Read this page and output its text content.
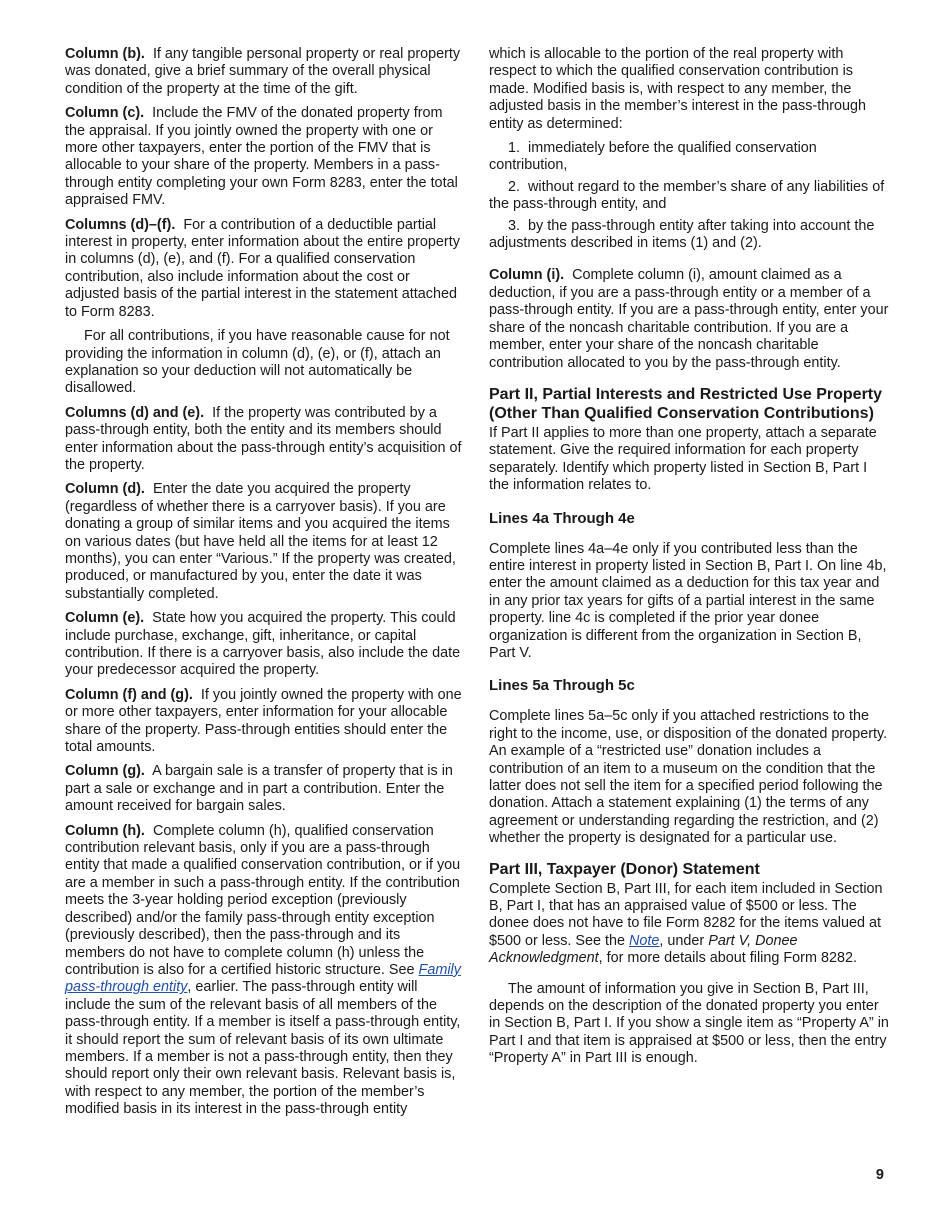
Column (b). If any tangible personal property or real property was donated, give a brief summary of the overall physical condition of the property at the time of the gift.

Column (c). Include the FMV of the donated property from the appraisal. If you jointly owned the property with one or more other taxpayers, enter the portion of the FMV that is allocable to your share of the property. Members in a pass-through entity completing your own Form 8283, enter the total appraised FMV.

Columns (d)–(f). For a contribution of a deductible partial interest in property, enter information about the entire property in columns (d), (e), and (f). For a qualified conservation contribution, also include information about the cost or adjusted basis of the partial interest in the statement attached to Form 8283.

For all contributions, if you have reasonable cause for not providing the information in column (d), (e), or (f), attach an explanation so your deduction will not automatically be disallowed.

Columns (d) and (e). If the property was contributed by a pass-through entity, both the entity and its members should enter information about the pass-through entity’s acquisition of the property.

Column (d). Enter the date you acquired the property (regardless of whether there is a carryover basis). If you are donating a group of similar items and you acquired the items on various dates (but have held all the items for at least 12 months), you can enter “Various.” If the property was created, produced, or manufactured by you, enter the date it was substantially completed.

Column (e). State how you acquired the property. This could include purchase, exchange, gift, inheritance, or capital contribution. If there is a carryover basis, also include the date your predecessor acquired the property.

Column (f) and (g). If you jointly owned the property with one or more other taxpayers, enter information for your allocable share of the property. Pass-through entities should enter the total amounts.

Column (g). A bargain sale is a transfer of property that is in part a sale or exchange and in part a contribution. Enter the amount received for bargain sales.

Column (h). Complete column (h), qualified conservation contribution relevant basis, only if you are a pass-through entity that made a qualified conservation contribution, or if you are a member in such a pass-through entity. If the contribution meets the 3-year holding period exception (previously described) and/or the family pass-through entity exception (previously described), then the pass-through and its members do not have to complete column (h) unless the contribution is also for a certified historic structure. See Family pass-through entity, earlier. The pass-through entity will include the sum of the relevant basis of all members of the pass-through entity. If a member is itself a pass-through entity, it should report the sum of relevant basis of its own ultimate members. If a member is not a pass-through entity, then they should report only their own relevant basis. Relevant basis is, with respect to any member, the portion of the member’s modified basis in its interest in the pass-through entity

which is allocable to the portion of the real property with respect to which the qualified conservation contribution is made. Modified basis is, with respect to any member, the adjusted basis in the member’s interest in the pass-through entity as determined:

1. immediately before the qualified conservation contribution,

2. without regard to the member’s share of any liabilities of the pass-through entity, and

3. by the pass-through entity after taking into account the adjustments described in items (1) and (2).

Column (i). Complete column (i), amount claimed as a deduction, if you are a pass-through entity or a member of a pass-through entity. If you are a pass-through entity, enter your share of the noncash charitable contribution. If you are a member, enter your share of the noncash charitable contribution allocated to you by the pass-through entity.

Part II, Partial Interests and Restricted Use Property (Other Than Qualified Conservation Contributions)

If Part II applies to more than one property, attach a separate statement. Give the required information for each property separately. Identify which property listed in Section B, Part I the information relates to.

Lines 4a Through 4e

Complete lines 4a–4e only if you contributed less than the entire interest in property listed in Section B, Part I. On line 4b, enter the amount claimed as a deduction for this tax year and in any prior tax years for gifts of a partial interest in the same property. line 4c is completed if the prior year donee organization is different from the organization in Section B, Part V.

Lines 5a Through 5c

Complete lines 5a–5c only if you attached restrictions to the right to the income, use, or disposition of the donated property. An example of a “restricted use” donation includes a contribution of an item to a museum on the condition that the latter does not sell the item for a specified period following the donation. Attach a statement explaining (1) the terms of any agreement or understanding regarding the restriction, and (2) whether the property is designated for a particular use.

Part III, Taxpayer (Donor) Statement

Complete Section B, Part III, for each item included in Section B, Part I, that has an appraised value of $500 or less. The donee does not have to file Form 8282 for the items valued at $500 or less. See the Note, under Part V, Donee Acknowledgment, for more details about filing Form 8282.

The amount of information you give in Section B, Part III, depends on the description of the donated property you enter in Section B, Part I. If you show a single item as “Property A” in Part I and that item is appraised at $500 or less, then the entry “Property A” in Part III is enough.

9
